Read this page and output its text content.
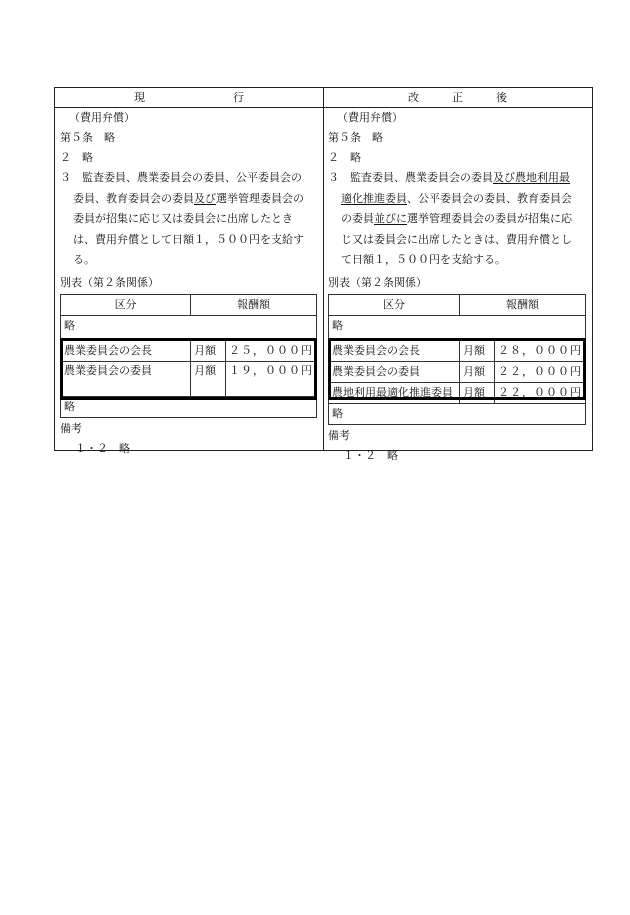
現　　　　　　　　行	改　　　正　　　後
（費用弁償）
第５条　略
２　略
３　監査委員、農業委員会の委員、公平委員会の
委員、教育委員会の委員及び選挙管理委員会の
委員が招集に応じ又は委員会に出席したとき
は、費用弁償として日額１，５００円を支給す
る。
別表（第２条関係）
区分	報酬額	
略		

農業委員会の会長	月額	２５，０００円
農業委員会の委員	月額	１９，０００円
略		
備考
１・２　略
（費用弁償）
第５条　略
２　略
３　監査委員、農業委員会の委員及び農地利用最
適化推進委員、公平委員会の委員、教育委員会
の委員並びに選挙管理委員会の委員が招集に応
じ又は委員会に出席したときは、費用弁償とし
て日額１，５００円を支給する。
別表（第２条関係）
区分	報酬額	
略		

農業委員会の会長	月額	２８，０００円
農業委員会の委員	月額	２２，０００円
農地利用最適化推進委員	月額	２２，０００円
略		
備考
１・２　略
